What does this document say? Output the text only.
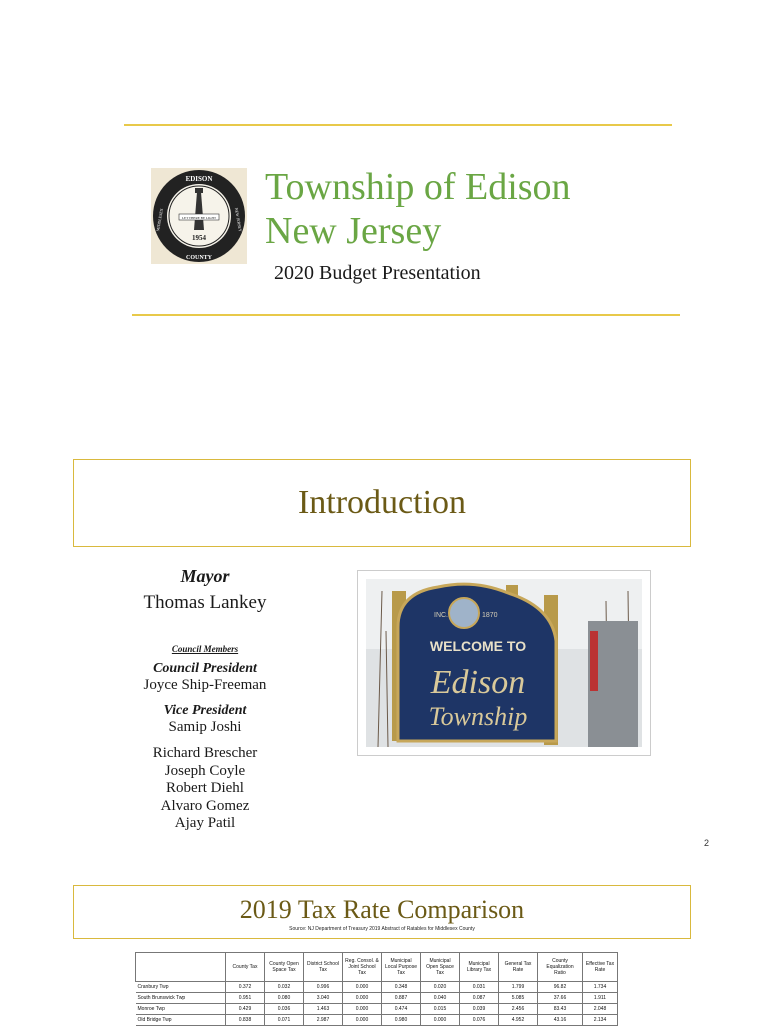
EDISON
COUNTY
MIDDLESEX	NEW JERSEY
LET THERE BE LIGHT
1954
Township of Edison
New Jersey
2020 Budget Presentation
Introduction
Mayor
Thomas Lankey
Council Members
Council President
Joyce Ship-Freeman
Vice President
Samip Joshi
Richard Brescher
Joseph Coyle
Robert Diehl
Alvaro Gomez
Ajay Patil
INC.	1870
WELCOME TO
Edison
Township
2
2019 Tax Rate Comparison
Source: NJ Department of Treasury 2019 Abstract of Ratables for Middlesex County
	County Tax	County Open Space Tax	District School Tax	Reg. Consol. & Joint School Tax	Municipal Local Purpose Tax	Municipal Open Space Tax	Municipal Library Tax	General Tax Rate	County Equalization Ratio	Effective Tax Rate
Cranbury Twp	0.372	0.032	0.996	0.000	0.348	0.020	0.031	1.799	96.82	1.734
South Brunswick Twp	0.951	0.080	3.040	0.000	0.887	0.040	0.087	5.085	37.66	1.911
Monroe Twp	0.429	0.036	1.463	0.000	0.474	0.015	0.039	2.456	83.43	2.048
Old Bridge Twp	0.838	0.071	2.987	0.000	0.980	0.000	0.076	4.952	43.16	2.134
